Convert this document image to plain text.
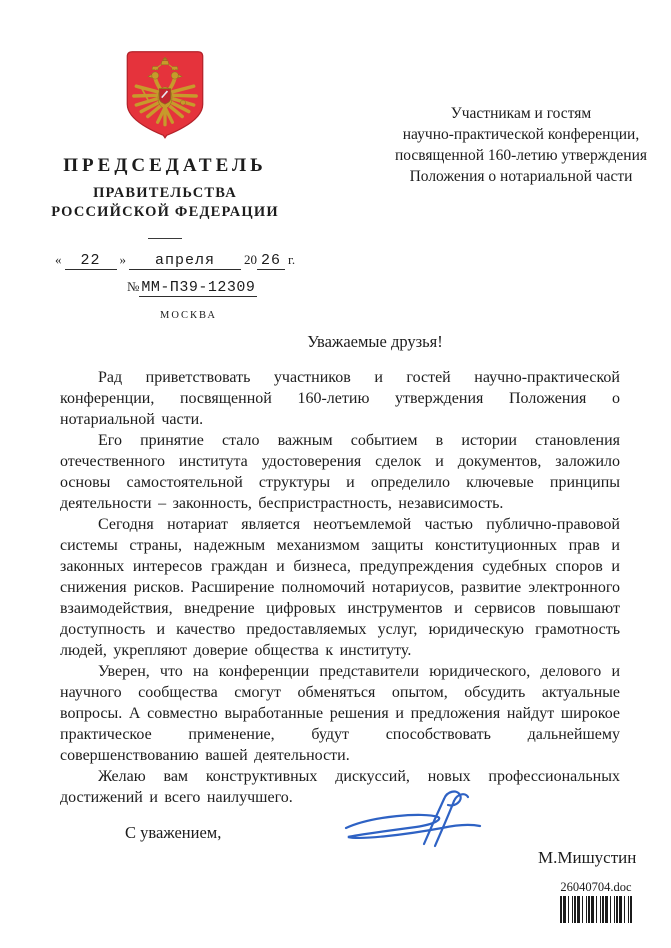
ПРЕДСЕДАТЕЛЬ
ПРАВИТЕЛЬСТВА
РОССИЙСКОЙ ФЕДЕРАЦИИ
Участникам и гостям
научно-практической конференции,
посвященной 160-летию утверждения
Положения о нотариальной части
« 22 » апреля 20 26 г.
№ ММ-П39-12309
МОСКВА

Уважаемые друзья!

Рад приветствовать участников и гостей научно-практической конференции, посвященной 160-летию утверждения Положения о нотариальной части.

Его принятие стало важным событием в истории становления отечественного института удостоверения сделок и документов, заложило основы самостоятельной структуры и определило ключевые принципы деятельности – законность, беспристрастность, независимость.

Сегодня нотариат является неотъемлемой частью публично-правовой системы страны, надежным механизмом защиты конституционных прав и законных интересов граждан и бизнеса, предупреждения судебных споров и снижения рисков. Расширение полномочий нотариусов, развитие электронного взаимодействия, внедрение цифровых инструментов и сервисов повышают доступность и качество предоставляемых услуг, юридическую грамотность людей, укрепляют доверие общества к институту.

Уверен, что на конференции представители юридического, делового и научного сообщества смогут обменяться опытом, обсудить актуальные вопросы. А совместно выработанные решения и предложения найдут широкое практическое применение, будут способствовать дальнейшему совершенствованию вашей деятельности.

Желаю вам конструктивных дискуссий, новых профессиональных достижений и всего наилучшего.

С уважением,

М.Мишустин
26040704.doc
